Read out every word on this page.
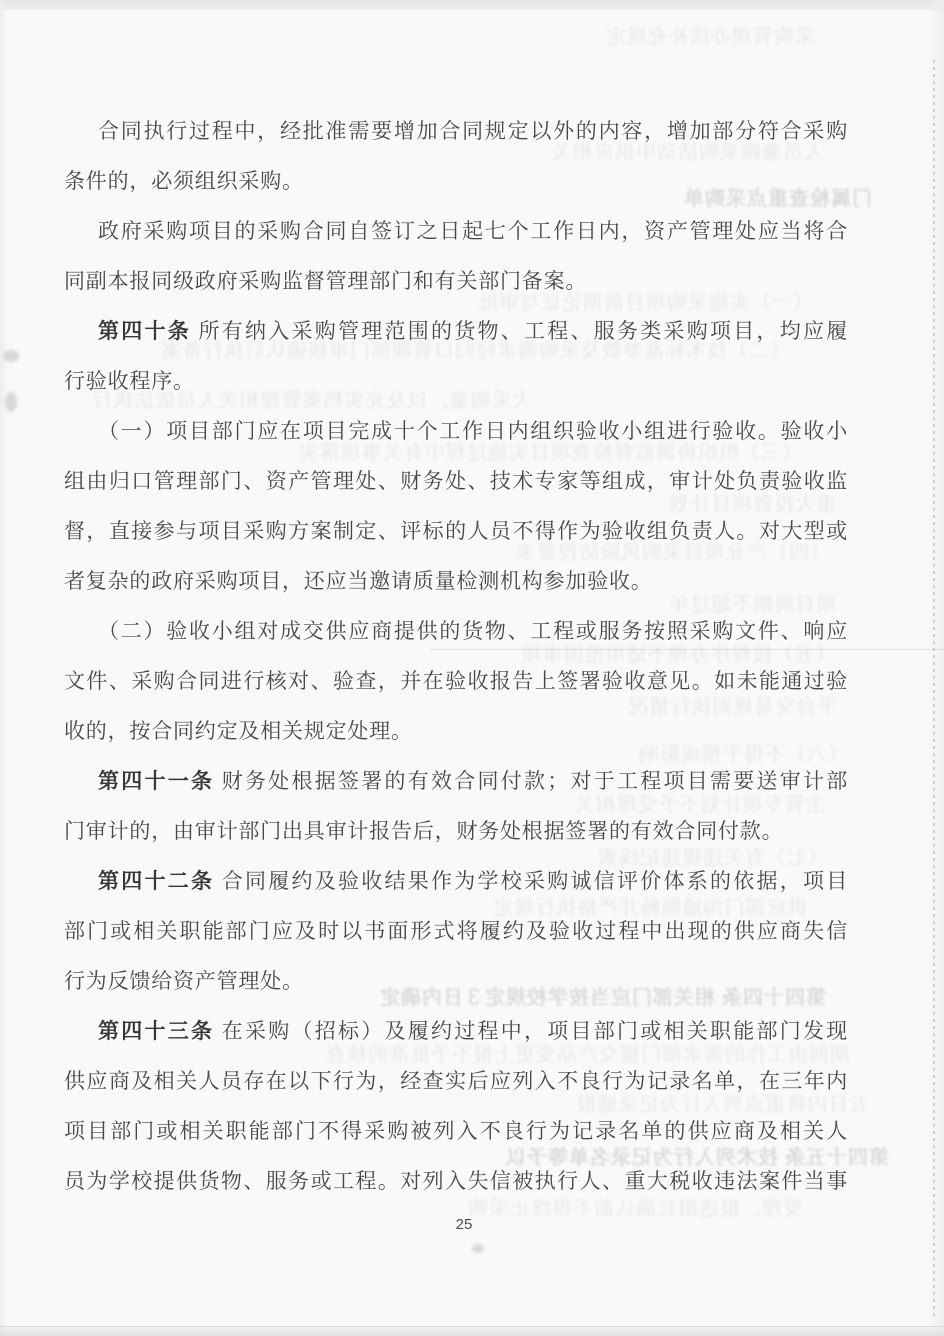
采购管理办法补充规定
人员兼顾采购活动中供应相关
门属检查重点采购单
（一）实施采购项目前期论证与审批
（二）技术标准参数及采购需求经归口管理部门审核确认后执行备案
大采购量，以及充实档案管理相关人员依法执行
（三）组织协调监督检查项目实施过程中有关事项落实
重大投资项目计划
（四）产业项目采购风险防控要求
项目周期不超过年
（五）按程序办理不适用范围事项
平台交易规则执行情况
（六）不得干预或影响
主管专项计划不予受理相关
（七）有关违规违纪线索
供应部门沟通顺畅并严格执行规定
第四十四条 相关部门应当按学校规定３日内确定
期间由工作的需求部门提交产品变更上报不予批准的核查
五日内将重点列入行为记录通报
第四十五条 技术列入行为记录名单等予以
受理、报送组长确认前不得终止采购
合同执行过程中，经批准需要增加合同规定以外的内容，增加部分符合采购
条件的，必须组织采购。
政府采购项目的采购合同自签订之日起七个工作日内，资产管理处应当将合
同副本报同级政府采购监督管理部门和有关部门备案。
第四十条 所有纳入采购管理范围的货物、工程、服务类采购项目，均应履
行验收程序。
（一）项目部门应在项目完成十个工作日内组织验收小组进行验收。验收小
组由归口管理部门、资产管理处、财务处、技术专家等组成，审计处负责验收监
督，直接参与项目采购方案制定、评标的人员不得作为验收组负责人。对大型或
者复杂的政府采购项目，还应当邀请质量检测机构参加验收。
（二）验收小组对成交供应商提供的货物、工程或服务按照采购文件、响应
文件、采购合同进行核对、验查，并在验收报告上签署验收意见。如未能通过验
收的，按合同约定及相关规定处理。
第四十一条 财务处根据签署的有效合同付款；对于工程项目需要送审计部
门审计的，由审计部门出具审计报告后，财务处根据签署的有效合同付款。
第四十二条 合同履约及验收结果作为学校采购诚信评价体系的依据，项目
部门或相关职能部门应及时以书面形式将履约及验收过程中出现的供应商失信
行为反馈给资产管理处。
第四十三条 在采购（招标）及履约过程中，项目部门或相关职能部门发现
供应商及相关人员存在以下行为，经查实后应列入不良行为记录名单，在三年内
项目部门或相关职能部门不得采购被列入不良行为记录名单的供应商及相关人
员为学校提供货物、服务或工程。对列入失信被执行人、重大税收违法案件当事
25
